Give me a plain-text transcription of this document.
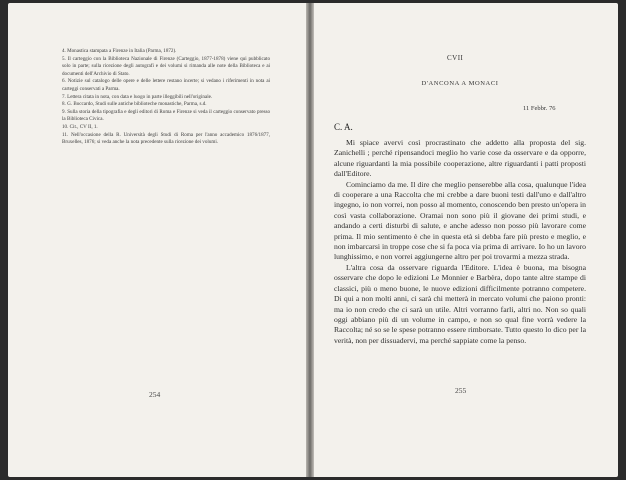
4. Monastica stampata a Firenze in Italia (Parma, 1872).

5. Il carteggio con la Biblioteca Nazionale di Firenze (Carteggio, 1877-1878) viene qui pubblicato solo in parte; sulla ricezione degli autografi e dei volumi si rimanda alle note della Biblioteca e ai documenti dell'Archivio di Stato.

6. Notizie sul catalogo delle opere e delle lettere restano incerte; si vedano i riferimenti in nota ai carteggi conservati a Parma.

7. Lettera citata in nota, con data e luogo in parte illeggibili nell'originale.

8. G. Boccardo, Studi sulle antiche biblioteche monastiche, Parma, s.d.

9. Sulla storia della tipografia e degli editori di Roma e Firenze si veda il carteggio conservato presso la Biblioteca Civica.

10. Cit., CV II, 1.

11. Nell'occasione della R. Università degli Studi di Roma per l'anno accademico 1876/1877, Bruxelles, 1876; si veda anche la nota precedente sulla ricezione dei volumi.

254
CVII
D'ANCONA A MONACI
11 Febbr. 76
C. A.

Mi spiace avervi così procrastinato che addetto alla proposta del sig. Zanichelli ; perché ripensandoci meglio ho varie cose da osservare e da opporre, alcune riguardanti la mia possibile cooperazione, altre riguardanti i patti proposti dall'Editore.

Cominciamo da me. Il dire che meglio penserebbe alla cosa, qualunque l'idea di cooperare a una Raccolta che mi crebbe a dare buoni testi dall'uno e dall'altro ingegno, io non vorrei, non posso al momento, conoscendo ben presto un'opera in così vasta collaborazione. Oramai non sono più il giovane dei primi studi, e andando a certi disturbi di salute, e anche adesso non posso più lavorare come prima. Il mio sentimento è che in questa età si debba fare più presto e meglio, e non imbarcarsi in troppe cose che si fa poca via prima di arrivare. Io ho un lavoro lunghissimo, e non vorrei aggiungerne altro per poi trovarmi a mezza strada.

L'altra cosa da osservare riguarda l'Editore. L'idea è buona, ma bisogna osservare che dopo le edizioni Le Monnier e Barbèra, dopo tante altre stampe di classici, più o meno buone, le nuove edizioni difficilmente potranno competere. Di qui a non molti anni, ci sarà chi metterà in mercato volumi che paiono pronti: ma io non credo che ci sarà un utile. Altri vorranno farli, altri no. Non so quali oggi abbiano più di un volume in campo, e non so qual fine vorrà vedere la Raccolta; né so se le spese potranno essere rimborsate. Tutto questo lo dico per la verità, non per dissuadervi, ma perché sappiate come la penso.

255
